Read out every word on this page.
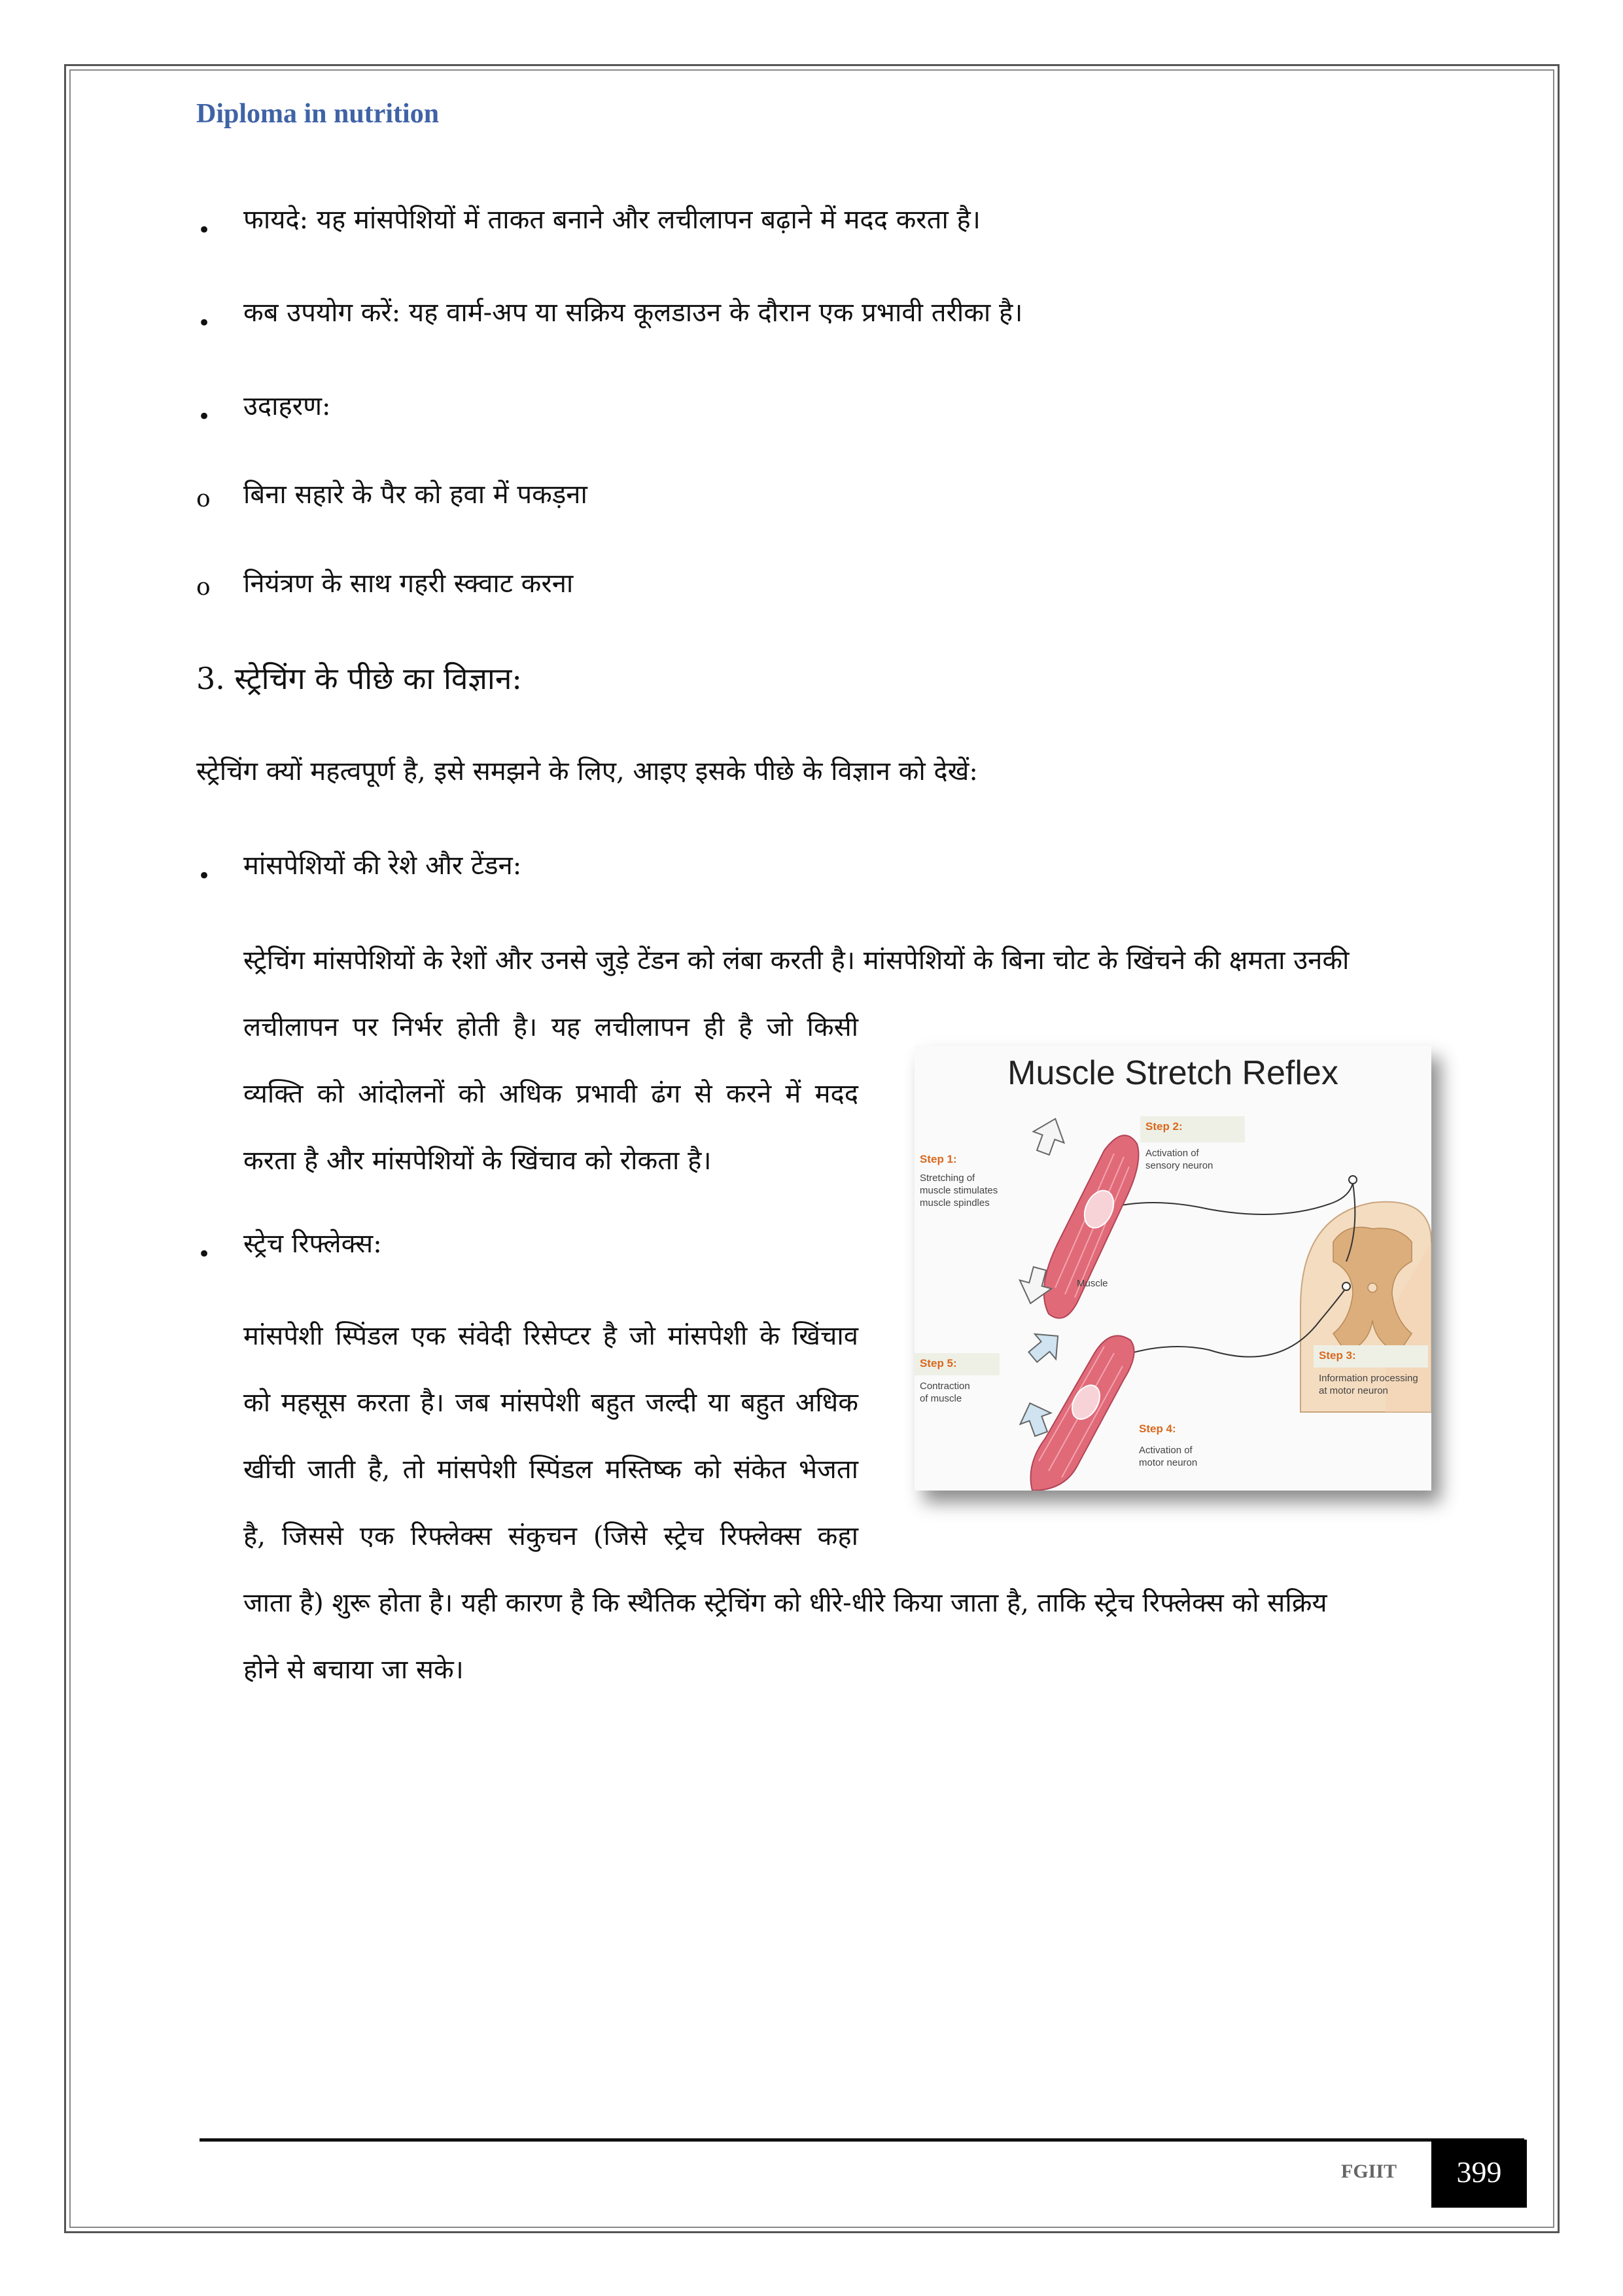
Diploma in nutrition
• फायदे: यह मांसपेशियों में ताकत बनाने और लचीलापन बढ़ाने में मदद करता है।
• कब उपयोग करें: यह वार्म-अप या सक्रिय कूलडाउन के दौरान एक प्रभावी तरीका है।
• उदाहरण:
o बिना सहारे के पैर को हवा में पकड़ना
o नियंत्रण के साथ गहरी स्क्वाट करना
3. स्ट्रेचिंग के पीछे का विज्ञान:
स्ट्रेचिंग क्यों महत्वपूर्ण है, इसे समझने के लिए, आइए इसके पीछे के विज्ञान को देखें:
• मांसपेशियों की रेशे और टेंडन:
स्ट्रेचिंग मांसपेशियों के रेशों और उनसे जुड़े टेंडन को लंबा करती है। मांसपेशियों के बिना चोट के खिंचने की क्षमता उनकी
लचीलापन पर निर्भर होती है। यह लचीलापन ही है जो किसी
व्यक्ति को आंदोलनों को अधिक प्रभावी ढंग से करने में मदद
करता है और मांसपेशियों के खिंचाव को रोकता है।
• स्ट्रेच रिफ्लेक्स:
मांसपेशी स्पिंडल एक संवेदी रिसेप्टर है जो मांसपेशी के खिंचाव
को महसूस करता है। जब मांसपेशी बहुत जल्दी या बहुत अधिक
खींची जाती है, तो मांसपेशी स्पिंडल मस्तिष्क को संकेत भेजता
है, जिससे एक रिफ्लेक्स संकुचन (जिसे स्ट्रेच रिफ्लेक्स कहा
जाता है) शुरू होता है। यही कारण है कि स्थैतिक स्ट्रेचिंग को धीरे-धीरे किया जाता है, ताकि स्ट्रेच रिफ्लेक्स को सक्रिय
होने से बचाया जा सके।
Muscle Stretch Reflex
Step 1:
Stretching of
muscle stimulates
muscle spindles
Step 2:
Activation of
sensory neuron
Step 3:
Information processing
at motor neuron
Step 4:
Activation of
motor neuron
Step 5:
Contraction
of muscle
Muscle
FGIIT	399
